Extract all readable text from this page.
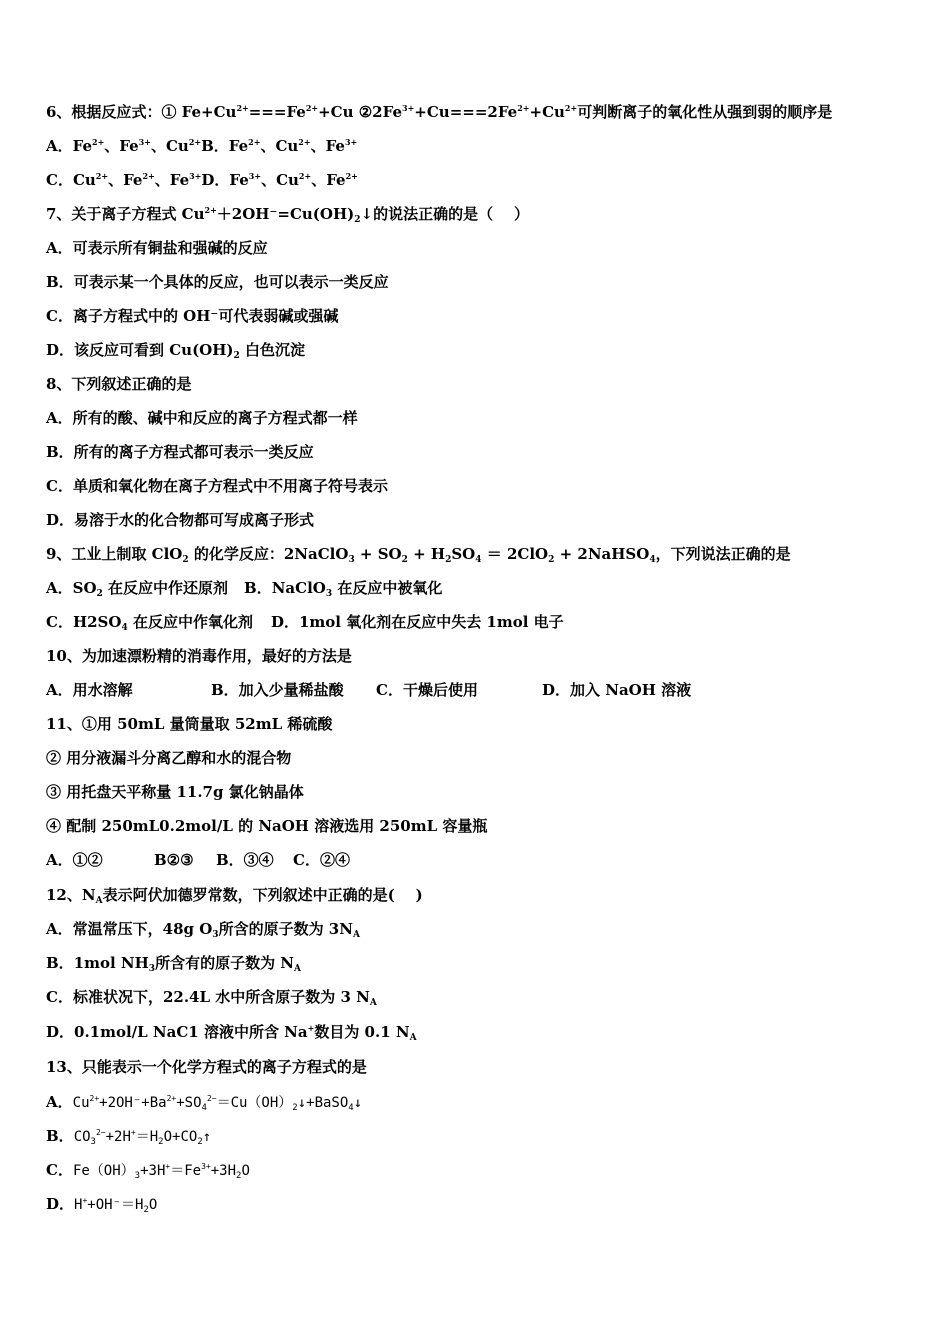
6、根据反应式：① $Fe+Cu^{2+}===Fe^{2+}+Cu$ $②2Fe^{3+}+Cu===2Fe^{2+}+Cu^{2+}$可判断离子的氧化性从强到弱的顺序是
A．$Fe^{2+}$、$Fe^{3+}$、$Cu^{2+}B$．$Fe^{2+}$、$Cu^{2+}$、$Fe^{3+}$
C．$Cu^{2+}$、$Fe^{2+}$、$Fe^{3+}D$．$Fe^{3+}$、$Cu^{2+}$、$Fe^{2+}$
7、关于离子方程式 $Cu^{2+}+2OH^-=Cu(OH)_2↓$的说法正确的是（    ）
A．可表示所有铜盐和强碱的反应
B．可表示某一个具体的反应，也可以表示一类反应
C．离子方程式中的 OH⁻可代表弱碱或强碱
D．该反应可看到 $Cu(OH)_2$ 白色沉淀
8、下列叙述正确的是
A．所有的酸、碱中和反应的离子方程式都一样
B．所有的离子方程式都可表示一类反应
C．单质和氧化物在离子方程式中不用离子符号表示
D．易溶于水的化合物都可写成离子形式
9、工业上制取 ClO$_2$ 的化学反应：2NaClO$_3$ + $SO_2 + H_2SO_4 = 2ClO_2$ + 2NaHSO$_4$，下列说法正确的是
A．$SO_2$ 在反应中作还原剂 B．NaClO$_3$ 在反应中被氧化
C．$H2SO_4$ 在反应中作氧化剂 D．1mol 氧化剂在反应中失去 1mol 电子
10、为加速漂粉精的消毒作用，最好的方法是
A．用水溶解	B．加入少量稀盐酸 C．干燥后使用	D．加入 NaOH 溶液
11、①用 50mL 量筒量取 52mL 稀硫酸
② 用分液漏斗分离乙醇和水的混合物
③ 用托盘天平称量 11.7g 氯化钠晶体
④ 配制 250mL0.2mol/L 的 NaOH 溶液选用 250mL 容量瓶
A．①②	B②③ B．③④ C．②④
12、$N_A$表示阿伏加德罗常数，下列叙述中正确的是(    )
A．常温常压下，48g $O_3$所含的原子数为 $3N_A$
B．1mol $NH_3$所含有的原子数为 $N_A$
C．标准状况下，22.4L 水中所含原子数为 3 $N_A$
D．0.1mol/L NaC1 溶液中所含 Na+数目为 0.1 $N_A$
13、只能表示一个化学方程式的离子方程式的是
A．$Cu^{2+}+2OH^-+Ba^{2+}+SO_4^{2-}=Cu(OH)_2↓+BaSO_4↓$
B．$CO_3^{2-}+2H^+=H_2O+CO_2↑$
C．$Fe(OH)_3+3H^+=Fe^{3+}+3H_2O$
D．$H^++OH^-=H_2O$
